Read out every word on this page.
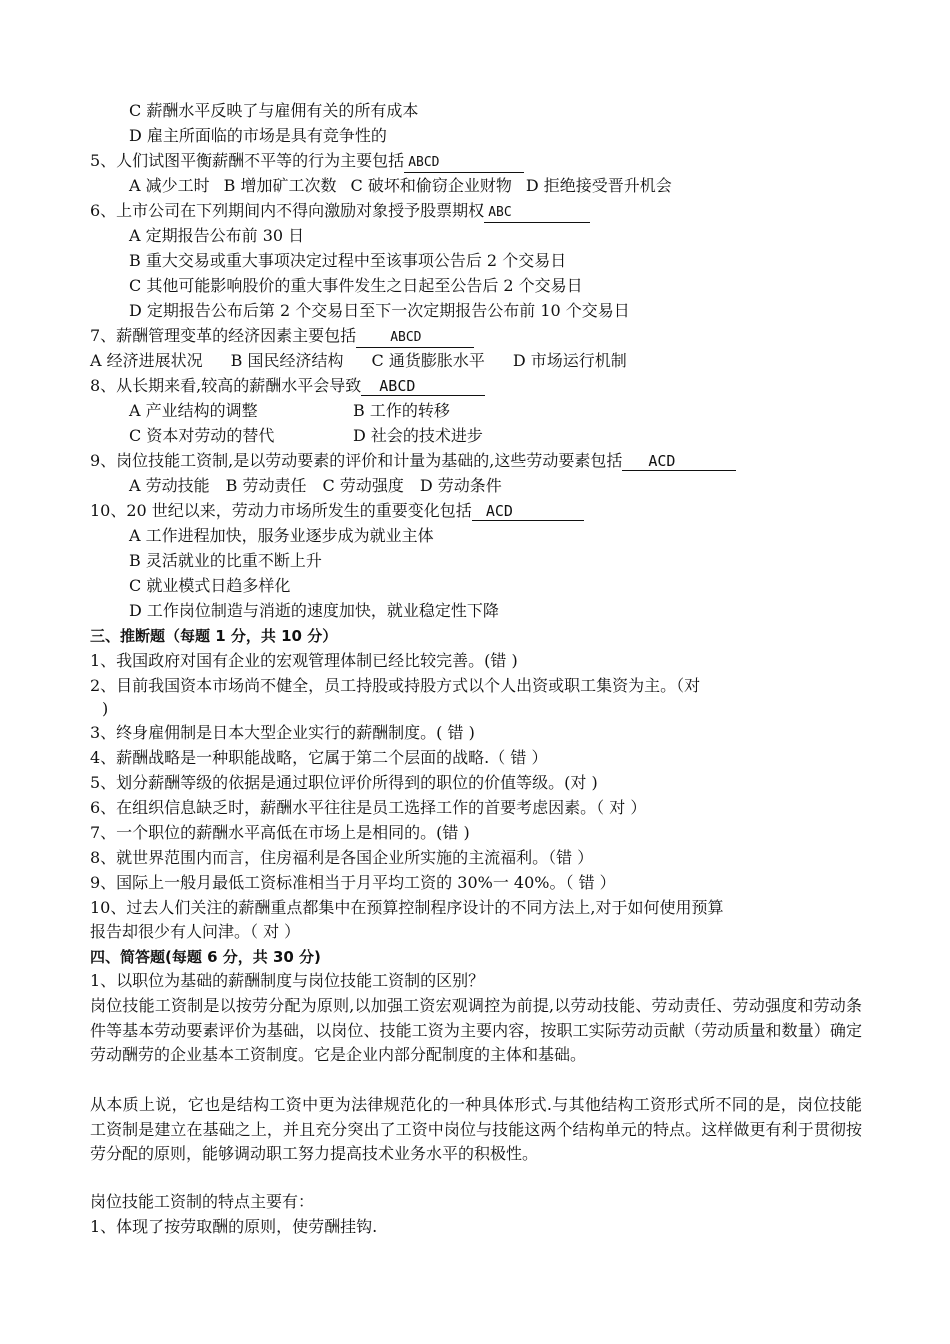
C 薪酬水平反映了与雇佣有关的所有成本
D 雇主所面临的市场是具有竞争性的
5、人们试图平衡薪酬不平等的行为主要包括 ABCD
A 减少工时 B 增加矿工次数 C 破坏和偷窃企业财物 D 拒绝接受晋升机会
6、上市公司在下列期间内不得向激励对象授予股票期权 ABC
A 定期报告公布前 30 日
B 重大交易或重大事项决定过程中至该事项公告后 2 个交易日
C 其他可能影响股价的重大事件发生之日起至公告后 2 个交易日
D 定期报告公布后第 2 个交易日至下一次定期报告公布前 10 个交易日
7、薪酬管理变革的经济因素主要包括	ABCD
A 经济进展状况 B 国民经济结构 C 通货膨胀水平 D 市场运行机制
8、从长期来看,较高的薪酬水平会导致 ABCD
A 产业结构的调整	B 工作的转移
C 资本对劳动的替代	D 社会的技术进步
9、岗位技能工资制,是以劳动要素的评价和计量为基础的,这些劳动要素包括 ACD
A 劳动技能 B 劳动责任 C 劳动强度 D 劳动条件
10、20 世纪以来，劳动力市场所发生的重要变化包括 ACD
A 工作进程加快，服务业逐步成为就业主体
B 灵活就业的比重不断上升
C 就业模式日趋多样化
D 工作岗位制造与消逝的速度加快，就业稳定性下降
三、推断题（每题 1 分，共 10 分）
1、我国政府对国有企业的宏观管理体制已经比较完善。(错 )
2、目前我国资本市场尚不健全，员工持股或持股方式以个人出资或职工集资为主。（对
)
3、终身雇佣制是日本大型企业实行的薪酬制度。( 错 )
4、薪酬战略是一种职能战略，它属于第二个层面的战略.（ 错 ）
5、划分薪酬等级的依据是通过职位评价所得到的职位的价值等级。(对 )
6、在组织信息缺乏时，薪酬水平往往是员工选择工作的首要考虑因素。（ 对 ）
7、一个职位的薪酬水平高低在市场上是相同的。(错 )
8、就世界范围内而言，住房福利是各国企业所实施的主流福利。（错 ）
9、国际上一般月最低工资标准相当于月平均工资的 30%一 40%。（ 错 ）
10、过去人们关注的薪酬重点都集中在预算控制程序设计的不同方法上,对于如何使用预算
报告却很少有人问津。（ 对 ）
四、简答题(每题 6 分，共 30 分)
1、以职位为基础的薪酬制度与岗位技能工资制的区别？
岗位技能工资制是以按劳分配为原则,以加强工资宏观调控为前提,以劳动技能、劳动责任、劳动强度和劳动条件等基本劳动要素评价为基础，以岗位、技能工资为主要内容，按职工实际劳动贡献（劳动质量和数量）确定劳动酬劳的企业基本工资制度。它是企业内部分配制度的主体和基础。
从本质上说，它也是结构工资中更为法律规范化的一种具体形式.与其他结构工资形式所不同的是，岗位技能工资制是建立在基础之上，并且充分突出了工资中岗位与技能这两个结构单元的特点。这样做更有利于贯彻按劳分配的原则，能够调动职工努力提高技术业务水平的积极性。
岗位技能工资制的特点主要有：
1、体现了按劳取酬的原则，使劳酬挂钩.
